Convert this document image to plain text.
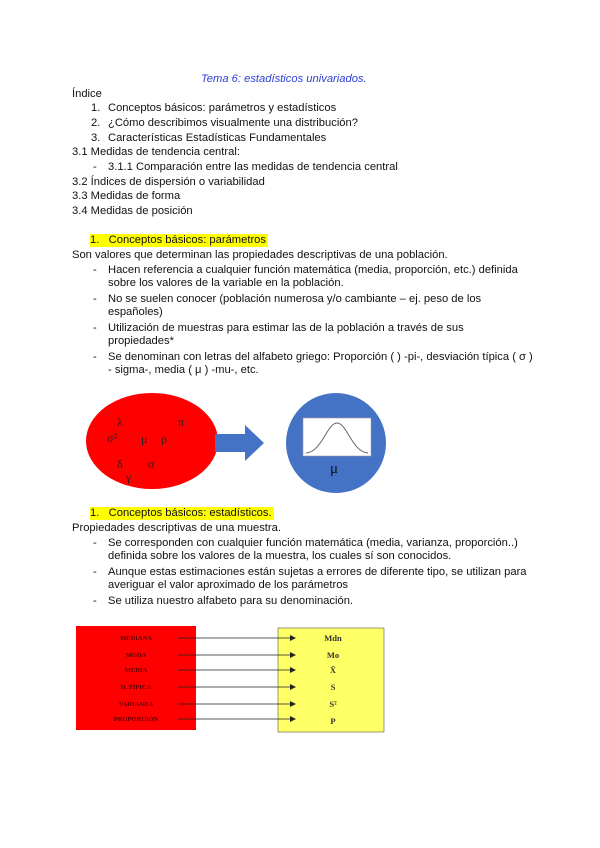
Tema 6: estadísticos univariados.
Índice
1. Conceptos básicos: parámetros y estadísticos
2. ¿Cómo describimos visualmente una distribución?
3. Características Estadísticas Fundamentales
3.1 Medidas de tendencia central:
- 3.1.1 Comparación entre las medidas de tendencia central
3.2 Índices de dispersión o variabilidad
3.3 Medidas de forma
3.4 Medidas de posición
1. Conceptos básicos: parámetros
Son valores que determinan las propiedades descriptivas de una población.
- Hacen referencia a cualquier función matemática (media, proporción, etc.) definida sobre los valores de la variable en la población.
- No se suelen conocer (población numerosa y/o cambiante – ej. peso de los españoles)
- Utilización de muestras para estimar las de la población a través de sus propiedades*
- Se denominan con letras del alfabeto griego: Proporción ( ) -pi-, desviación típica ( σ ) - sigma-, media ( μ ) -mu-, etc.
λ	π
σ² μ ρ
δ σ
γ	μ
1. Conceptos básicos: estadísticos.
Propiedades descriptivas de una muestra.
- Se corresponden con cualquier función matemática (media, varianza, proporción..) definida sobre los valores de la muestra, los cuales sí son conocidos.
- Aunque estas estimaciones están sujetas a errores de diferente tipo, se utilizan para averiguar el valor aproximado de los parámetros
- Se utiliza nuestro alfabeto para su denominación.
MEDIANA	Mdn
MODA	Mo
MEDIA	X̄
D. TÍPICA	S
VARIANZA	S²
PROPORCIÓN	P
